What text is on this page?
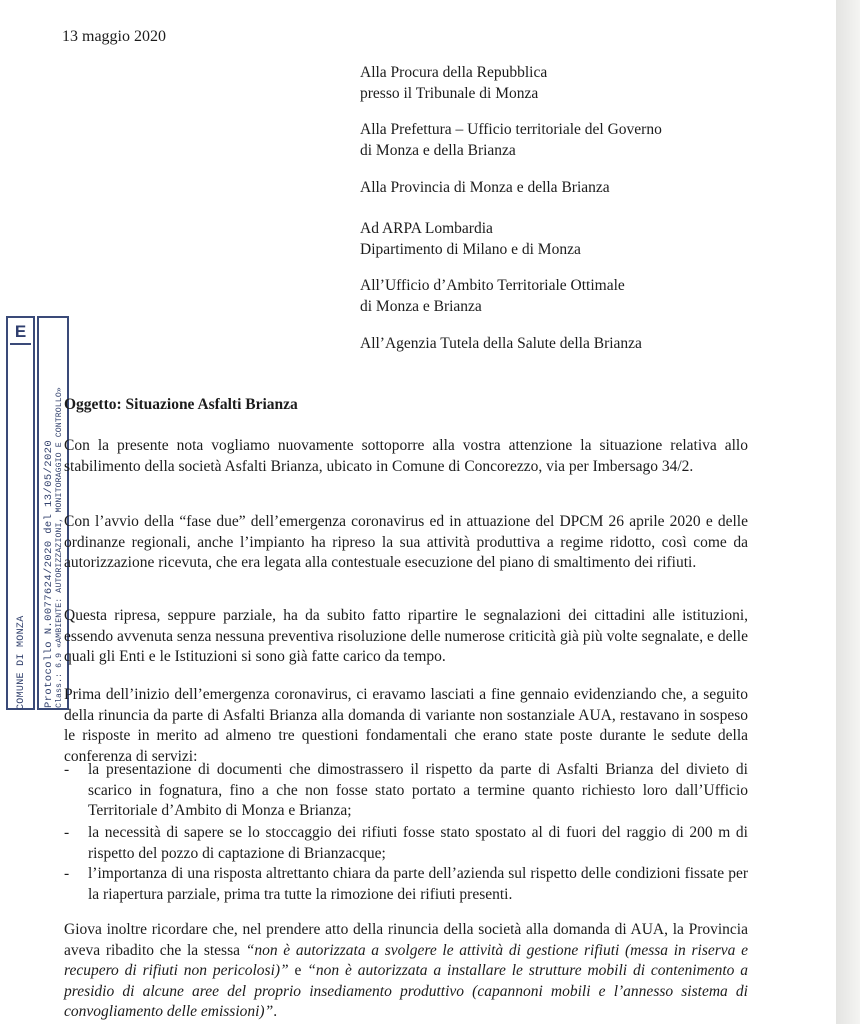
13 maggio 2020
Alla Procura della Repubblica
presso il Tribunale di Monza
Alla Prefettura – Ufficio territoriale del Governo
di Monza e della Brianza
Alla Provincia di Monza e della Brianza
Ad ARPA Lombardia
Dipartimento di Milano e di Monza
All’Ufficio d’Ambito Territoriale Ottimale
di Monza e Brianza
All’Agenzia Tutela della Salute della Brianza
E
COMUNE DI MONZA Protocollo N.0077624/2020 del 13/05/2020 Class.: 6.9 «AMBIENTE: AUTORIZZAZIONI, MONITORAGGIO E CONTROLLO» Oggetto: Situazione Asfalti Brianza
Con la presente nota vogliamo nuovamente sottoporre alla vostra attenzione la situazione relativa allo stabilimento della società Asfalti Brianza, ubicato in Comune di Concorezzo, via per Imbersago 34/2.
Con l’avvio della “fase due” dell’emergenza coronavirus ed in attuazione del DPCM 26 aprile 2020 e delle ordinanze regionali, anche l’impianto ha ripreso la sua attività produttiva a regime ridotto, così come da autorizzazione ricevuta, che era legata alla contestuale esecuzione del piano di smaltimento dei rifiuti.
Questa ripresa, seppure parziale, ha da subito fatto ripartire le segnalazioni dei cittadini alle istituzioni, essendo avvenuta senza nessuna preventiva risoluzione delle numerose criticità già più volte segnalate, e delle quali gli Enti e le Istituzioni si sono già fatte carico da tempo.
Prima dell’inizio dell’emergenza coronavirus, ci eravamo lasciati a fine gennaio evidenziando che, a seguito della rinuncia da parte di Asfalti Brianza alla domanda di variante non sostanziale AUA, restavano in sospeso le risposte in merito ad almeno tre questioni fondamentali che erano state poste durante le sedute della conferenza di servizi:
- la presentazione di documenti che dimostrassero il rispetto da parte di Asfalti Brianza del divieto di scarico in fognatura, fino a che non fosse stato portato a termine quanto richiesto loro dall’Ufficio Territoriale d’Ambito di Monza e Brianza;
- la necessità di sapere se lo stoccaggio dei rifiuti fosse stato spostato al di fuori del raggio di 200 m di rispetto del pozzo di captazione di Brianzacque;
- l’importanza di una risposta altrettanto chiara da parte dell’azienda sul rispetto delle condizioni fissate per la riapertura parziale, prima tra tutte la rimozione dei rifiuti presenti.
Giova inoltre ricordare che, nel prendere atto della rinuncia della società alla domanda di AUA, la Provincia aveva ribadito che la stessa “non è autorizzata a svolgere le attività di gestione rifiuti (messa in riserva e recupero di rifiuti non pericolosi)” e “non è autorizzata a installare le strutture mobili di contenimento a presidio di alcune aree del proprio insediamento produttivo (capannoni mobili e l’annesso sistema di convogliamento delle emissioni)”.
